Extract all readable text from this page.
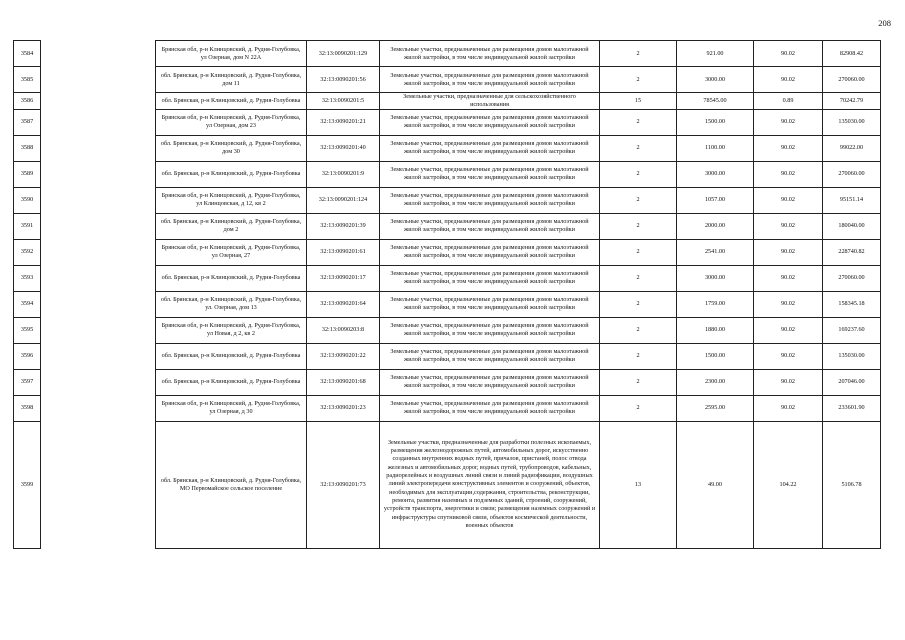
208
3584		Брянская обл, р-н Клинцовский, д. Рудня-Голубовка, ул Озерная, дом N 22А	32:13:0090201:129	Земельные участки, предназначенные для размещения домов малоэтажной жилой застройки, в том числе индивидуальной жилой застройки	2	921.00	90.02	82908.42
3585		обл. Брянская, р-н Клинцовский, д. Рудня-Голубовка, дом 11	32:13:0090201:56	Земельные участки, предназначенные для размещения домов малоэтажной жилой застройки, в том числе индивидуальной жилой застройки	2	3000.00	90.02	270060.00
3586		обл. Брянская, р-н Клинцовский, д. Рудня-Голубовка	32:13:0090201:5	Земельные участки, предназначенные для сельскохозяйственного использования	15	78545.00	0.89	70242.79
3587		Брянская обл, р-н Клинцовский, д. Рудня-Голубовка, ул Озерная, дом 23	32:13:0090201:21	Земельные участки, предназначенные для размещения домов малоэтажной жилой застройки, в том числе индивидуальной жилой застройки	2	1500.00	90.02	135030.00
3588		обл. Брянская, р-н Клинцовский, д. Рудня-Голубовка, дом 30	32:13:0090201:40	Земельные участки, предназначенные для размещения домов малоэтажной жилой застройки, в том числе индивидуальной жилой застройки	2	1100.00	90.02	99022.00
3589		обл. Брянская, р-н Клинцовский, д. Рудня-Голубовка	32:13:0090201:9	Земельные участки, предназначенные для размещения домов малоэтажной жилой застройки, в том числе индивидуальной жилой застройки	2	3000.00	90.02	270060.00
3590		Брянская обл, р-н Клинцовский, д. Рудня-Голубовка, ул Клинцовская, д 12, кв 2	32:13:0090201:124	Земельные участки, предназначенные для размещения домов малоэтажной жилой застройки, в том числе индивидуальной жилой застройки	2	1057.00	90.02	95151.14
3591		обл. Брянская, р-н Клинцовский, д. Рудня-Голубовка, дом 2	32:13:0090201:39	Земельные участки, предназначенные для размещения домов малоэтажной жилой застройки, в том числе индивидуальной жилой застройки	2	2000.00	90.02	180040.00
3592		Брянская обл, р-н Клинцовский, д. Рудня-Голубовка, ул Озерная, 27	32:13:0090201:61	Земельные участки, предназначенные для размещения домов малоэтажной жилой застройки, в том числе индивидуальной жилой застройки	2	2541.00	90.02	228740.82
3593		обл. Брянская, р-н Клинцовский, д. Рудня-Голубовка	32:13:0090201:17	Земельные участки, предназначенные для размещения домов малоэтажной жилой застройки, в том числе индивидуальной жилой застройки	2	3000.00	90.02	270060.00
3594		обл. Брянская, р-н Клинцовский, д. Рудня-Голубовка, ул. Озерная, дом 13	32:13:0090201:64	Земельные участки, предназначенные для размещения домов малоэтажной жилой застройки, в том числе индивидуальной жилой застройки	2	1759.00	90.02	158345.18
3595		Брянская обл, р-н Клинцовский, д. Рудня-Голубовка, ул Новая, д 2, кв 2	32:13:0090203:8	Земельные участки, предназначенные для размещения домов малоэтажной жилой застройки, в том числе индивидуальной жилой застройки	2	1880.00	90.02	169237.60
3596		обл. Брянская, р-н Клинцовский, д. Рудня-Голубовка	32:13:0090201:22	Земельные участки, предназначенные для размещения домов малоэтажной жилой застройки, в том числе индивидуальной жилой застройки	2	1500.00	90.02	135030.00
3597		обл. Брянская, р-н Клинцовский, д. Рудня-Голубовка	32:13:0090201:68	Земельные участки, предназначенные для размещения домов малоэтажной жилой застройки, в том числе индивидуальной жилой застройки	2	2300.00	90.02	207046.00
3598		Брянская обл, р-н Клинцовский, д. Рудня-Голубовка, ул Озерная, д 30	32:13:0090201:23	Земельные участки, предназначенные для размещения домов малоэтажной жилой застройки, в том числе индивидуальной жилой застройки	2	2595.00	90.02	233601.90
3599		обл. Брянская, р-н Клинцовский, д. Рудня-Голубовка, МО Первомайское сельское поселение	32:13:0090201:73	Земельные участки, предназначенные для разработки полезных ископаемых, размещения железнодорожных путей, автомобильных дорог, искусственно созданных внутренних водных путей, причалов, пристаней, полос отвода железных и автомобильных дорог, водных путей, трубопроводов, кабельных, радиорелейных и воздушных линий связи и линий радиофикации, воздушных линий электропередачи конструктивных элементов и сооружений, объектов, необходимых для эксплуатации,содержания, строительства, реконструкции, ремонта, развития наземных и подземных зданий, строений, сооружений, устройств транспорта, энергетики и связи; размещения наземных сооружений и инфраструктуры спутниковой связи, объектов космической деятельности, военных объектов	13	49.00	104.22	5106.78
